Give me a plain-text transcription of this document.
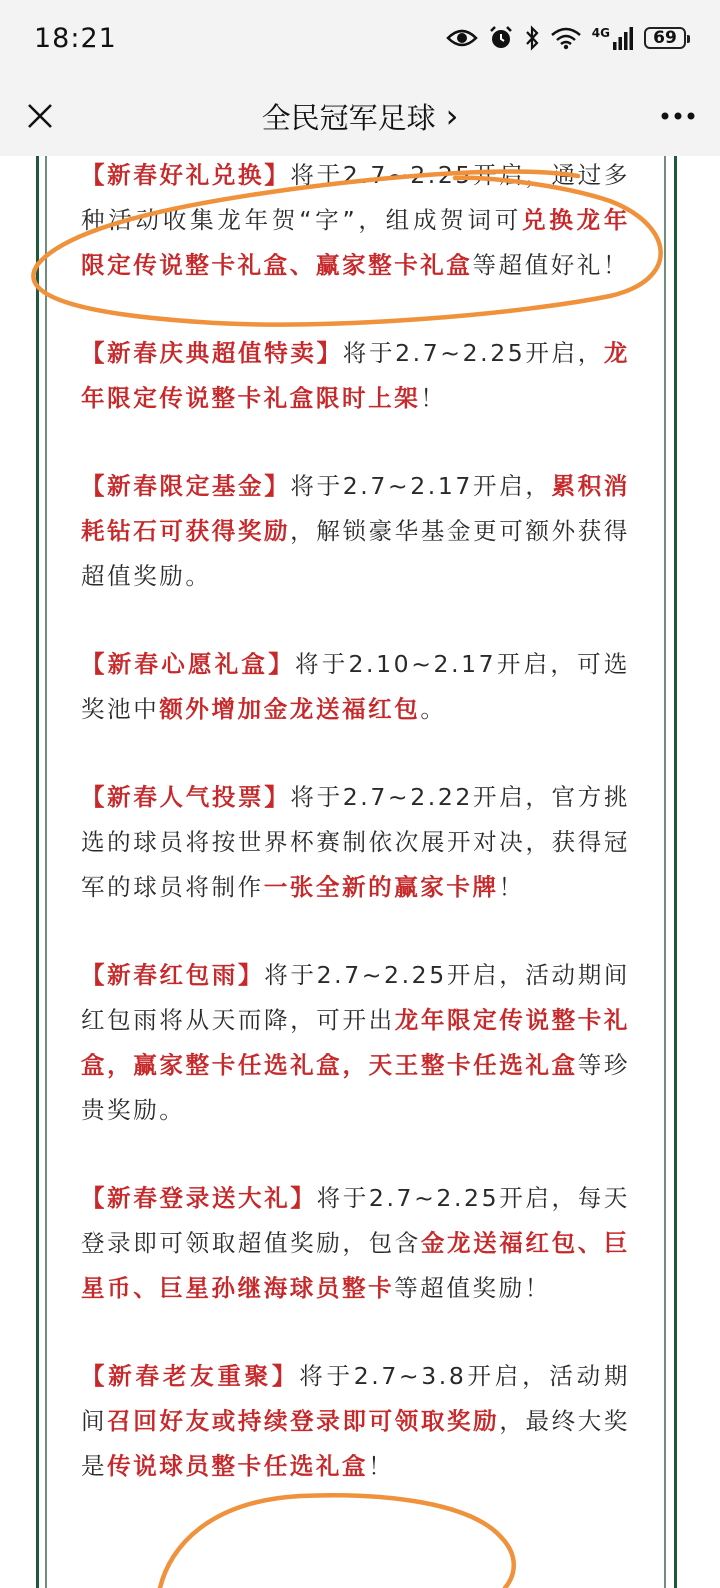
18:21	4G	69
全民冠军足球 ›

【新春好礼兑换】将于2.7~2.25开启，通过多种活动收集龙年贺“字”，组成贺词可兑换龙年限定传说整卡礼盒、赢家整卡礼盒等超值好礼！

【新春庆典超值特卖】将于2.7~2.25开启，龙年限定传说整卡礼盒限时上架！

【新春限定基金】将于2.7~2.17开启，累积消耗钻石可获得奖励，解锁豪华基金更可额外获得超值奖励。

【新春心愿礼盒】将于2.10~2.17开启，可选奖池中额外增加金龙送福红包。

【新春人气投票】将于2.7~2.22开启，官方挑选的球员将按世界杯赛制依次展开对决，获得冠军的球员将制作一张全新的赢家卡牌！

【新春红包雨】将于2.7~2.25开启，活动期间红包雨将从天而降，可开出龙年限定传说整卡礼盒，赢家整卡任选礼盒，天王整卡任选礼盒等珍贵奖励。

【新春登录送大礼】将于2.7~2.25开启，每天登录即可领取超值奖励，包含金龙送福红包、巨星币、巨星孙继海球员整卡等超值奖励！

【新春老友重聚】将于2.7~3.8开启，活动期间召回好友或持续登录即可领取奖励，最终大奖是传说球员整卡任选礼盒！
